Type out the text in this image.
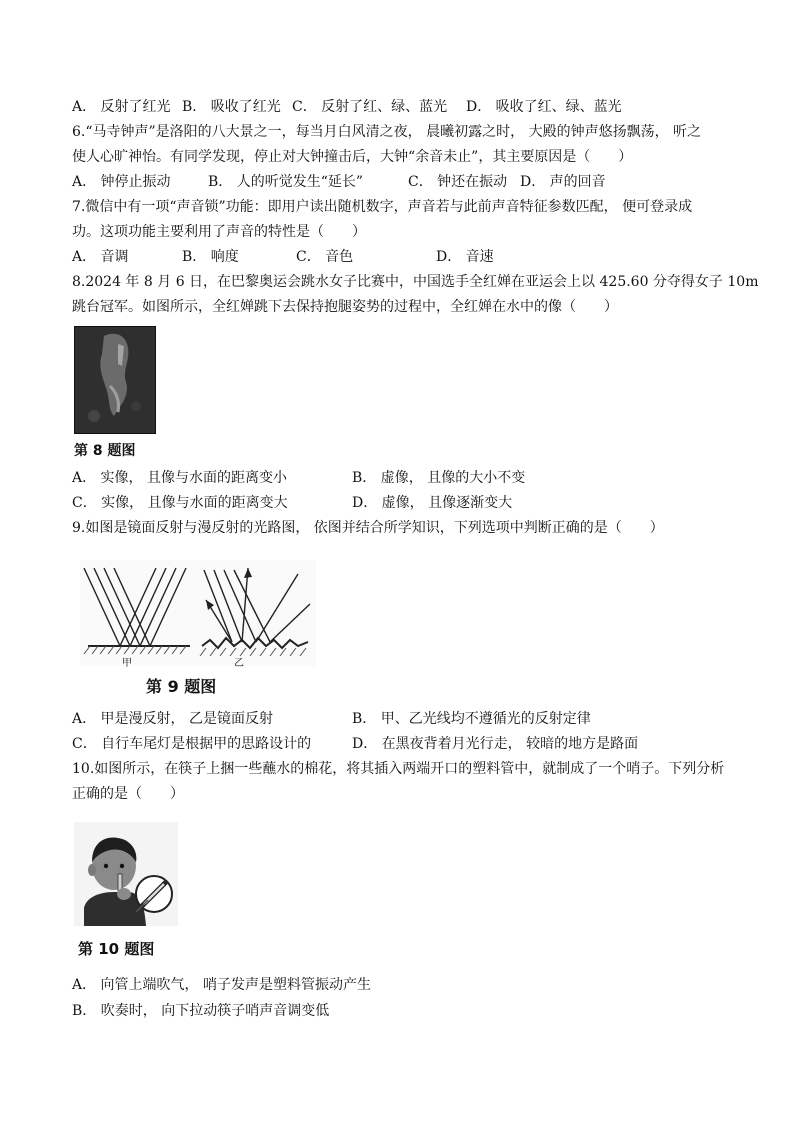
A． 反射了红光 B． 吸收了红光 C． 反射了红、绿、蓝光 D． 吸收了红、绿、蓝光
6.“马寺钟声”是洛阳的八大景之一，每当月白风清之夜， 晨曦初露之时， 大殿的钟声悠扬飘荡， 听之
使人心旷神怡。有同学发现，停止对大钟撞击后，大钟“余音未止”，其主要原因是（　　）
A． 钟停止振动	B． 人的听觉发生“延长”	C． 钟还在振动 D． 声的回音
7.微信中有一项“声音锁”功能：即用户读出随机数字，声音若与此前声音特征参数匹配， 便可登录成
功。这项功能主要利用了声音的特性是（　　）
A． 音调	B． 响度	C． 音色	D． 音速
8.2024 年 8 月 6 日，在巴黎奥运会跳水女子比赛中，中国选手全红婵在亚运会上以 425.60 分夺得女子 10m
跳台冠军。如图所示，全红婵跳下去保持抱腿姿势的过程中，全红婵在水中的像（　　）
第 8 题图
A． 实像， 且像与水面的距离变小	B． 虚像， 且像的大小不变
C． 实像， 且像与水面的距离变大	D． 虚像， 且像逐渐变大
9.如图是镜面反射与漫反射的光路图， 依图并结合所学知识，下列选项中判断正确的是（　　）
甲	乙
第 9 题图
A． 甲是漫反射， 乙是镜面反射	B． 甲、乙光线均不遵循光的反射定律
C． 自行车尾灯是根据甲的思路设计的	D． 在黑夜背着月光行走， 较暗的地方是路面
10.如图所示，在筷子上捆一些蘸水的棉花，将其插入两端开口的塑料管中，就制成了一个哨子。下列分析
正确的是（　　）
第 10 题图
A． 向管上端吹气， 哨子发声是塑料管振动产生
B． 吹奏时， 向下拉动筷子哨声音调变低
